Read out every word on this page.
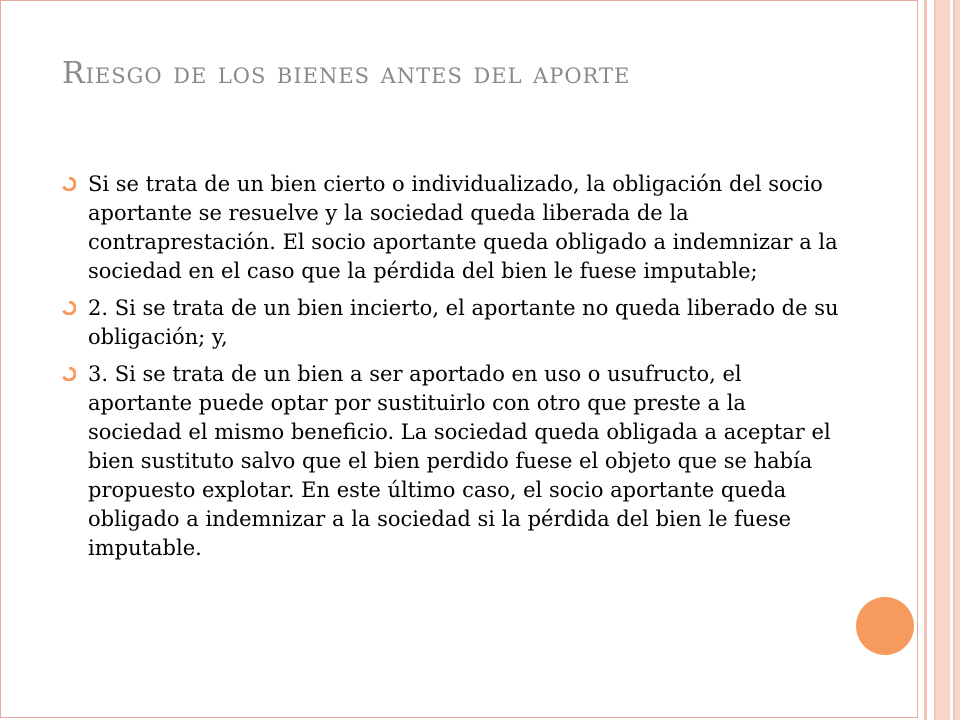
Riesgo de los bienes antes del aporte
Si se trata de un bien cierto o individualizado, la obligación del socio aportante se resuelve y la sociedad queda liberada de la contraprestación. El socio aportante queda obligado a indemnizar a la sociedad en el caso que la pérdida del bien le fuese imputable;
2. Si se trata de un bien incierto, el aportante no queda liberado de su obligación; y,
3. Si se trata de un bien a ser aportado en uso o usufructo, el aportante puede optar por sustituirlo con otro que preste a la sociedad el mismo beneficio. La sociedad queda obligada a aceptar el bien sustituto salvo que el bien perdido fuese el objeto que se había propuesto explotar. En este último caso, el socio aportante queda obligado a indemnizar a la sociedad si la pérdida del bien le fuese imputable.
